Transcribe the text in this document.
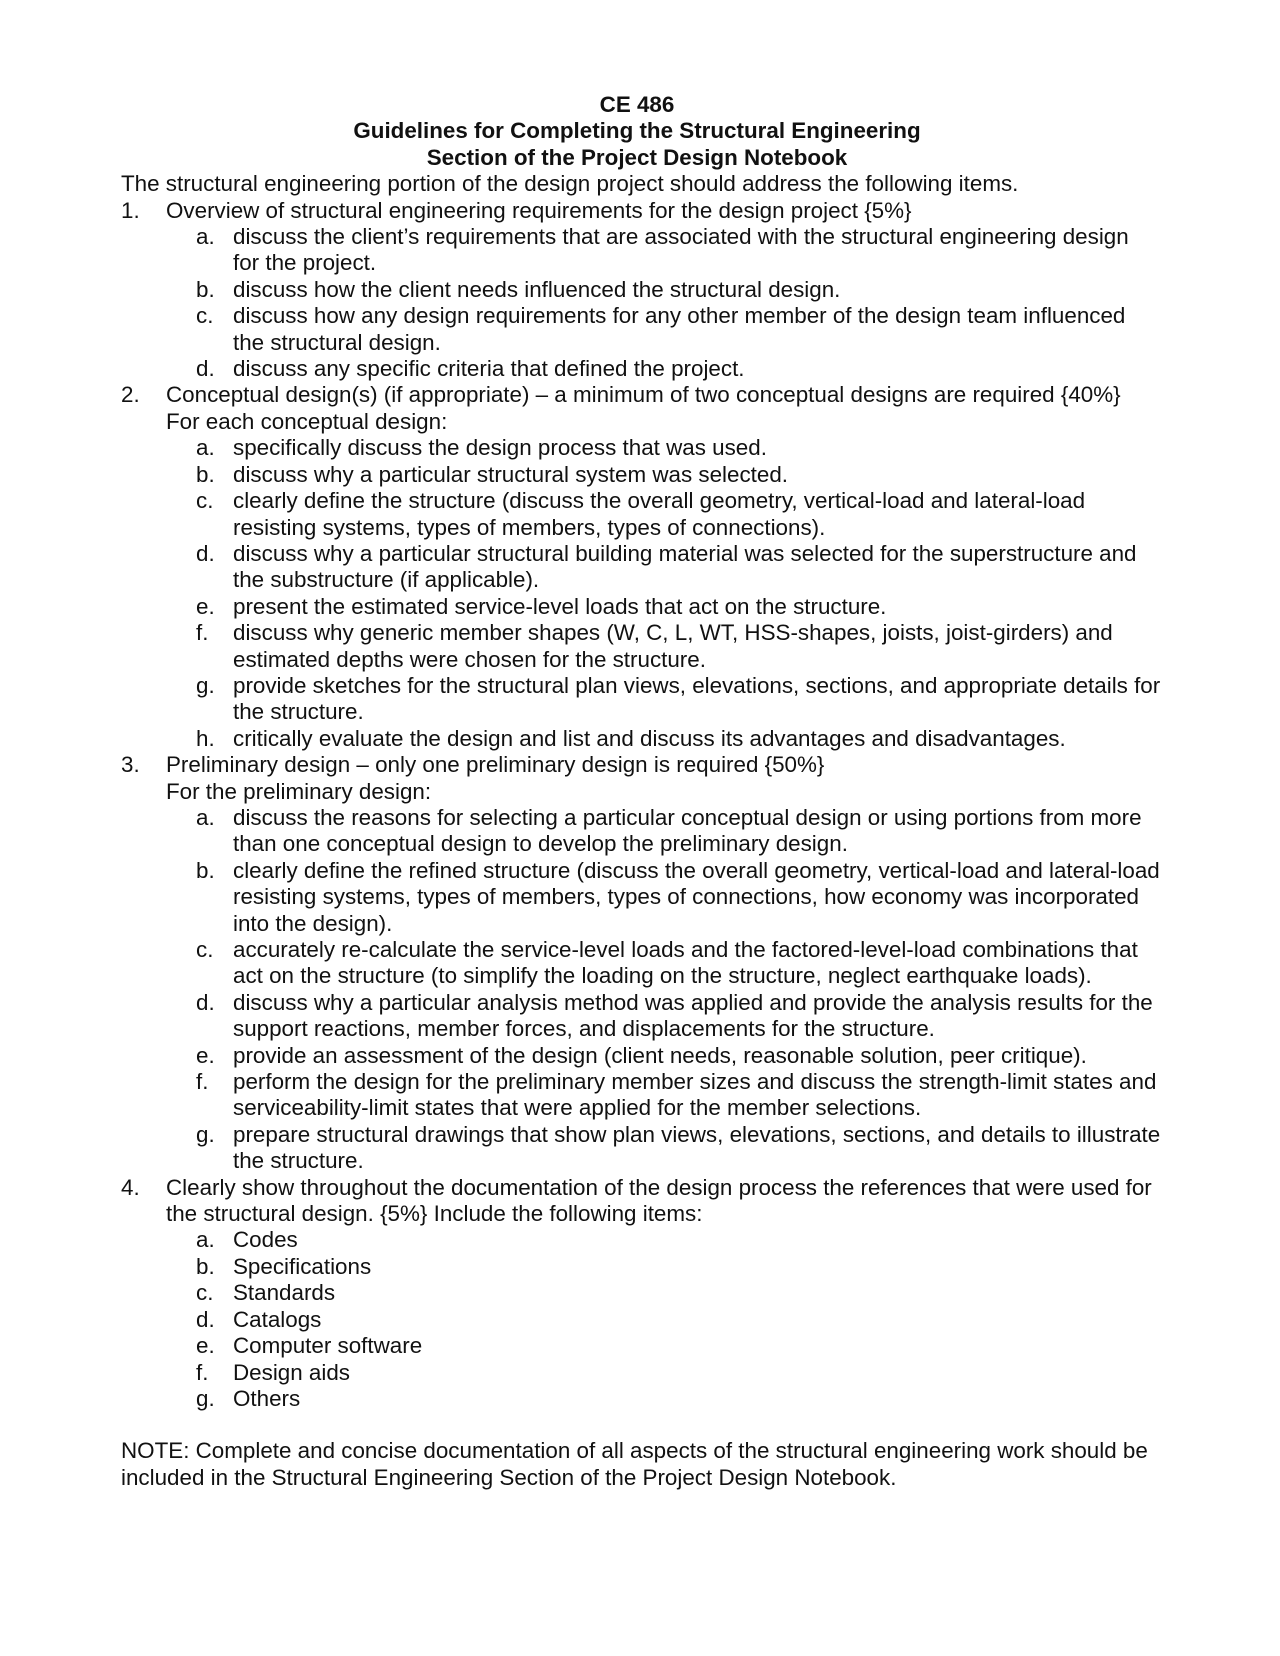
CE 486

Guidelines for Completing the Structural Engineering

Section of the Project Design Notebook

The structural engineering portion of the design project should address the following items.

1. Overview of structural engineering requirements for the design project {5%}

a. discuss the client’s requirements that are associated with the structural engineering design for the project.
b. discuss how the client needs influenced the structural design.
c. discuss how any design requirements for any other member of the design team influenced the structural design.
d. discuss any specific criteria that defined the project.
2. Conceptual design(s) (if appropriate) – a minimum of two conceptual designs are required {40%}

For each conceptual design:

a. specifically discuss the design process that was used.
b. discuss why a particular structural system was selected.
c. clearly define the structure (discuss the overall geometry, vertical-load and lateral-load resisting systems, types of members, types of connections).
d. discuss why a particular structural building material was selected for the superstructure and the substructure (if applicable).
e. present the estimated service-level loads that act on the structure.
f. discuss why generic member shapes (W, C, L, WT, HSS-shapes, joists, joist-girders) and estimated depths were chosen for the structure.
g. provide sketches for the structural plan views, elevations, sections, and appropriate details for the structure.
h. critically evaluate the design and list and discuss its advantages and disadvantages.
3. Preliminary design – only one preliminary design is required {50%}

For the preliminary design:

a. discuss the reasons for selecting a particular conceptual design or using portions from more than one conceptual design to develop the preliminary design.
b. clearly define the refined structure (discuss the overall geometry, vertical-load and lateral-load resisting systems, types of members, types of connections, how economy was incorporated into the design).
c. accurately re-calculate the service-level loads and the factored-level-load combinations that act on the structure (to simplify the loading on the structure, neglect earthquake loads).
d. discuss why a particular analysis method was applied and provide the analysis results for the support reactions, member forces, and displacements for the structure.
e. provide an assessment of the design (client needs, reasonable solution, peer critique).
f. perform the design for the preliminary member sizes and discuss the strength-limit states and serviceability-limit states that were applied for the member selections.
g. prepare structural drawings that show plan views, elevations, sections, and details to illustrate the structure.
4. Clearly show throughout the documentation of the design process the references that were used for the structural design. {5%} Include the following items:

a. Codes
b. Specifications
c. Standards
d. Catalogs
e. Computer software
f. Design aids
g. Others

NOTE: Complete and concise documentation of all aspects of the structural engineering work should be included in the Structural Engineering Section of the Project Design Notebook.
